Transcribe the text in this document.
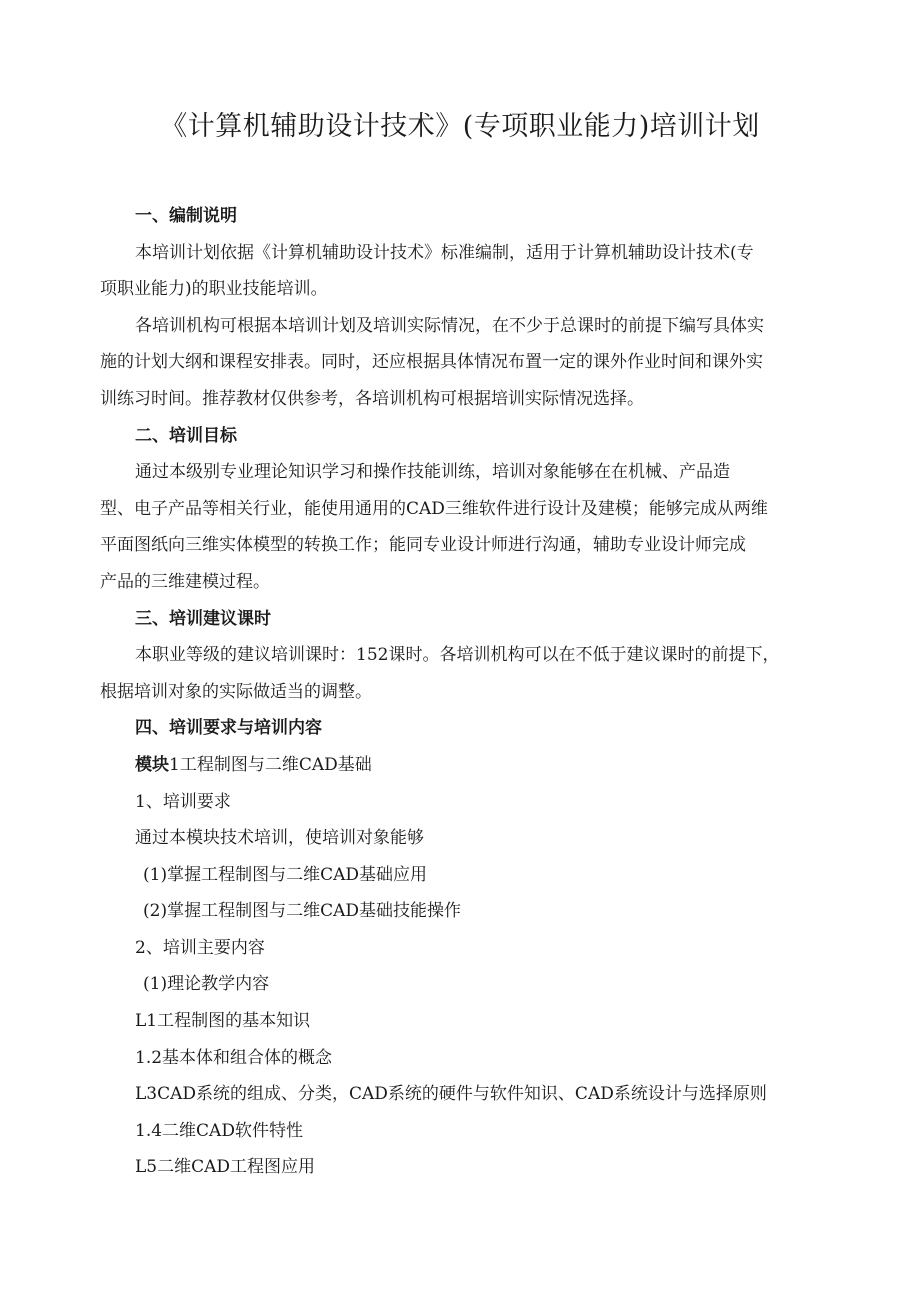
《计算机辅助设计技术》(专项职业能力)培训计划
一、编制说明
本培训计划依据《计算机辅助设计技术》标准编制，适用于计算机辅助设计技术(专
项职业能力)的职业技能培训。
各培训机构可根据本培训计划及培训实际情况，在不少于总课时的前提下编写具体实
施的计划大纲和课程安排表。同时，还应根据具体情况布置一定的课外作业时间和课外实
训练习时间。推荐教材仅供参考，各培训机构可根据培训实际情况选择。
二、培训目标
通过本级别专业理论知识学习和操作技能训练，培训对象能够在在机械、产品造
型、电子产品等相关行业，能使用通用的CAD三维软件进行设计及建模；能够完成从两维
平面图纸向三维实体模型的转换工作；能同专业设计师进行沟通，辅助专业设计师完成
产品的三维建模过程。
三、培训建议课时
本职业等级的建议培训课时：152课时。各培训机构可以在不低于建议课时的前提下，
根据培训对象的实际做适当的调整。
四、培训要求与培训内容
模块1工程制图与二维CAD基础
1、培训要求
通过本模块技术培训，使培训对象能够
(1)掌握工程制图与二维CAD基础应用
(2)掌握工程制图与二维CAD基础技能操作
2、培训主要内容
(1)理论教学内容
L1工程制图的基本知识
1.2基本体和组合体的概念
L3CAD系统的组成、分类，CAD系统的硬件与软件知识、CAD系统设计与选择原则
1.4二维CAD软件特性
L5二维CAD工程图应用
